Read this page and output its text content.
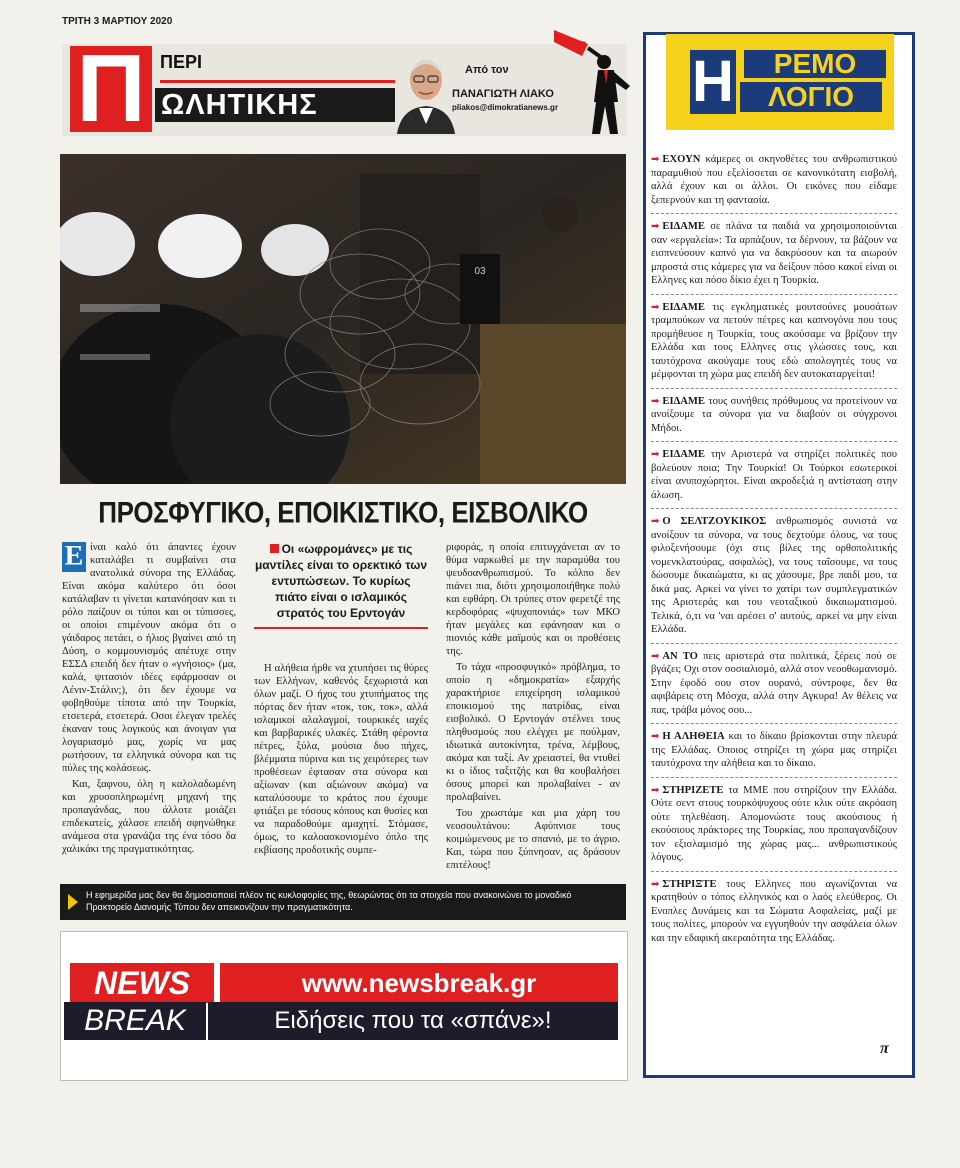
ΤΡΙΤΗ 3 ΜΑΡΤΙΟΥ 2020
Π ΠΕΡΙ
ΩΛΗΤΙΚΗΣ
Από τον
ΠΑΝΑΓΙΩΤΗ ΛΙΑΚΟ
pliakos@dimokratianews.gr
03
ΠΡΟΣΦΥΓΙΚΟ, ΕΠΟΙΚΙΣΤΙΚΟ, ΕΙΣΒΟΛΙΚΟ
Ε ίναι καλό ότι άπαντες έχουν καταλάβει τι συμβαίνει στα ανατολικά σύνορα της Ελλάδας. Είναι ακόμα καλύτερο ότι όσοι κατάλαβαν τι γίνεται κατανόησαν και τι ρόλο παίζουν οι τύποι και οι τύπισσες, οι οποίοι επιμένουν ακόμα ότι ο γάιδαρος πετάει, ο ήλιος βγαίνει από τη Δύση, ο κομμουνισμός απέτυχε στην ΕΣΣΔ επειδή δεν ήταν ο «γνήσιος» (μα, καλά, ψιτασιόν ιδέες εφάρμοσαν οι Λένιν-Στάλιν;), ότι δεν έχουμε να φοβηθούμε τίποτα από την Τουρκία, ετσετερά, ετσετερά. Οσοι έλεγαν τρελές έκαναν τους λογικούς και άνοιγαν για λογαριασμό μας, χωρίς να μας ρωτήσουν, τα ελληνικά σύνορα και τις πύλες της κολάσεως.

Και, ξαφνου, όλη η καλολαδωμένη και χρυσοπληρωμένη μηχανή της προπαγάνδας, που άλλοτε μοιάζει επιδεκατείς, χάλασε επειδή σφηνώθηκε ανάμεσα στα γρανάζια της ένα τόσο δα χαλικάκι της πραγματικότητας.

Οι «ωφρομάνες» με τις μαντίλες είναι το ορεκτικό των εντυπώσεων. Το κυρίως πιάτο είναι ο ισλαμικός στρατός του Ερντογάν

Η αλήθεια ήρθε να χτυπήσει τις θύρες των Ελλήνων, καθενός ξεχωριστά και όλων μαζί. Ο ήχος του χτυπήματος της πόρτας δεν ήταν «τοκ, τοκ, τοκ», αλλά ισλαμικοί αλαλαγμοί, τουρκικές ιαχές και βαρβαρικές υλακές. Στάθη φέροντα πέτρες, ξύλα, μούσια δυο πήχες, βλέμματα πύρινα και τις χειρότερες των προθέσεων έφτασαν στα σύνορα και αξίωναν (και αξιώνουν ακόμα) να καταλύσουμε το κράτος που έχουμε φτιάξει με τόσους κόπους και θυσίες και να παραδοθούμε αμαχητί. Στόμασε, όμως, το καλοασκονισμένο όπλο της εκβίασης προδοτικής συμπε-

ριφοράς, η οποία επιτυγχάνεται αν το θύμα ναρκωθεί με την παραμύθα του ψευδοανθρωπισμού. Το κόλπο δεν πιάνει πια, διότι χρησιμοποιήθηκε πολύ και εφθάρη. Οι τρύπες στον φερετζέ της κερδοφόρας «ψυχοπονιάς» των ΜΚΟ ήταν μεγάλες και εφάνησαν και ο πιονιός κάθε μαϊμούς και οι προθέσεις της.

Το τάχα «προσφυγικό» πρόβλημα, το οποίο η «δημοκρατία» εξαρχής χαρακτήρισε επιχείρηση ισλαμικού εποικισμού της πατρίδας, είναι εισβολικό. Ο Ερντογάν στέλνει τους πληθυσμούς που ελέγχει με πούλμαν, ιδιωτικά αυτοκίνητα, τρένα, λέμβους, ακόμα και ταξί. Αν χρειαστεί, θα ντυθεί κι ο ίδιος ταξιτζής και θα κουβαλήσει όσους μπορεί και προλαβαίνει - αν προλαβαίνει.

Του χρωστάμε και μια χάρη του νεοσουλτάνου: Αφύπνισε τους κοιμώμενους με το σπανιό, με το άγριο. Και, τώρα που ξύπνησαν, ας δράσουν επιτέλους!

Η εφημερίδα μας δεν θα δημοσιοποιεί πλέον τις κυκλοφορίες της, θεωρώντας ότι τα στοιχεία που ανακοινώνει το μοναδικό Πρακτορείο Διανομής Τύπου δεν απεικονίζουν την πραγματικότητα.
NEWS
BREAK
www.newsbreak.gr
Ειδήσεις που τα «σπάνε»!
Η	ΡΕΜΟ
ΛΟΓΙΟ
➡ ΕΧΟΥΝ κάμερες οι σκηνοθέτες του ανθρωπιστικού παραμυθιού που εξελίσσεται σε κανονικότατη εισβολή, αλλά έχουν και οι άλλοι. Οι εικόνες που είδαμε ξεπερνούν και τη φαντασία.
➡ ΕΙΔΑΜΕ σε πλάνα τα παιδιά να χρησιμοποιούνται σαν «εργαλεία»: Τα αρπάζουν, τα δέρνουν, τα βάζουν να εισπνεύσουν καπνό για να δακρύσουν και τα αιωρούν μπροστά στις κάμερες για να δείξουν πόσο κακοί είναι οι Ελληνες και πόσο δίκιο έχει η Τουρκία.
➡ ΕΙΔΑΜΕ τις εγκληματικές μουτσούνες μουσάτων τραμπούκων να πετούν πέτρες και καπνογόνα που τους προμήθευσε η Τουρκία, τους ακούσαμε να βρίζουν την Ελλάδα και τους Ελληνες στις γλώσσες τους, και ταυτόχρονα ακούγαμε τους εδώ απολογητές τους να μέμφονται τη χώρα μας επειδή δεν αυτοκαταργείται!
➡ ΕΙΔΑΜΕ τους συνήθεις πρόθυμους να προτείνουν να ανοίξουμε τα σύνορα για να διαβούν οι σύγχρονοι Μήδοι.
➡ ΕΙΔΑΜΕ την Αριστερά να στηρίζει πολιτικές που βολεύουν ποια; Την Τουρκία! Οι Τούρκοι εσωτερικοί είναι ανυποχώρητοι. Είναι ακροδεξιά η αντίσταση στην άλωση.
➡ Ο ΣΕΛΤΖΟΥΚΙΚΟΣ ανθρωπισμός συνιστά να ανοίξουν τα σύνορα, να τους δεχτούμε όλους, να τους φιλοξενήσουμε (όχι στις βίλες της ορθοπολιτικής νομενκλατούρας, ασφαλώς), να τους ταΐσουμε, να τους δώσουμε δικαιώματα, κι ας χάσουμε, βρε παιδί μου, τα δικά μας. Αρκεί να γίνει το χατίρι των συμπλεγματικών της Αριστεράς και του νεοταξικού δικαιωματισμού. Τελικά, ό,τι να 'ναι αρέσει σ' αυτούς, αρκεί να μην είναι Ελλάδα.
➡ ΑΝ ΤΟ πεις αριστερά στα πολιτικά, ξέρεις πού σε βγάζει; Οχι στον σοσιαλισμό, αλλά στον νεοοθωμανισμό. Στην έφοδό σου στον ουρανό, σύντροφε, δεν θα αφιβάρεις στη Μόσχα, αλλά στην Αγκυρα! Αν θέλεις να πας, τράβα μόνος σου...
➡ Η ΑΛΗΘΕΙΑ και το δίκαιο βρίσκονται στην πλευρά της Ελλάδας. Οποιος στηρίζει τη χώρα μας στηρίζει ταυτόχρονα την αλήθεια και το δίκαιο.
➡ ΣΤΗΡΙΖΕΤΕ τα ΜΜΕ που στηρίζουν την Ελλάδα. Ούτε σεντ στους τουρκόψυχους ούτε κλικ ούτε ακρόαση ούτε τηλεθέαση. Απομονώστε τους ακούσιους ή εκούσιους πράκτορες της Τουρκίας, που προπαγανδίζουν τον εξισλαμισμό της χώρας μας... ανθρωπιστικούς λόγους.
➡ ΣΤΗΡΙΞΤΕ τους Ελληνες που αγωνίζονται να κρατηθούν ο τόπος ελληνικός και ο λαός ελεύθερος. Οι Ενοπλες Δυνάμεις και τα Σώματα Ασφαλείας, μαζί με τους πολίτες, μπορούν να εγγυηθούν την ασφάλεια όλων και την εδαφική ακεραιότητα της Ελλάδας.
π
